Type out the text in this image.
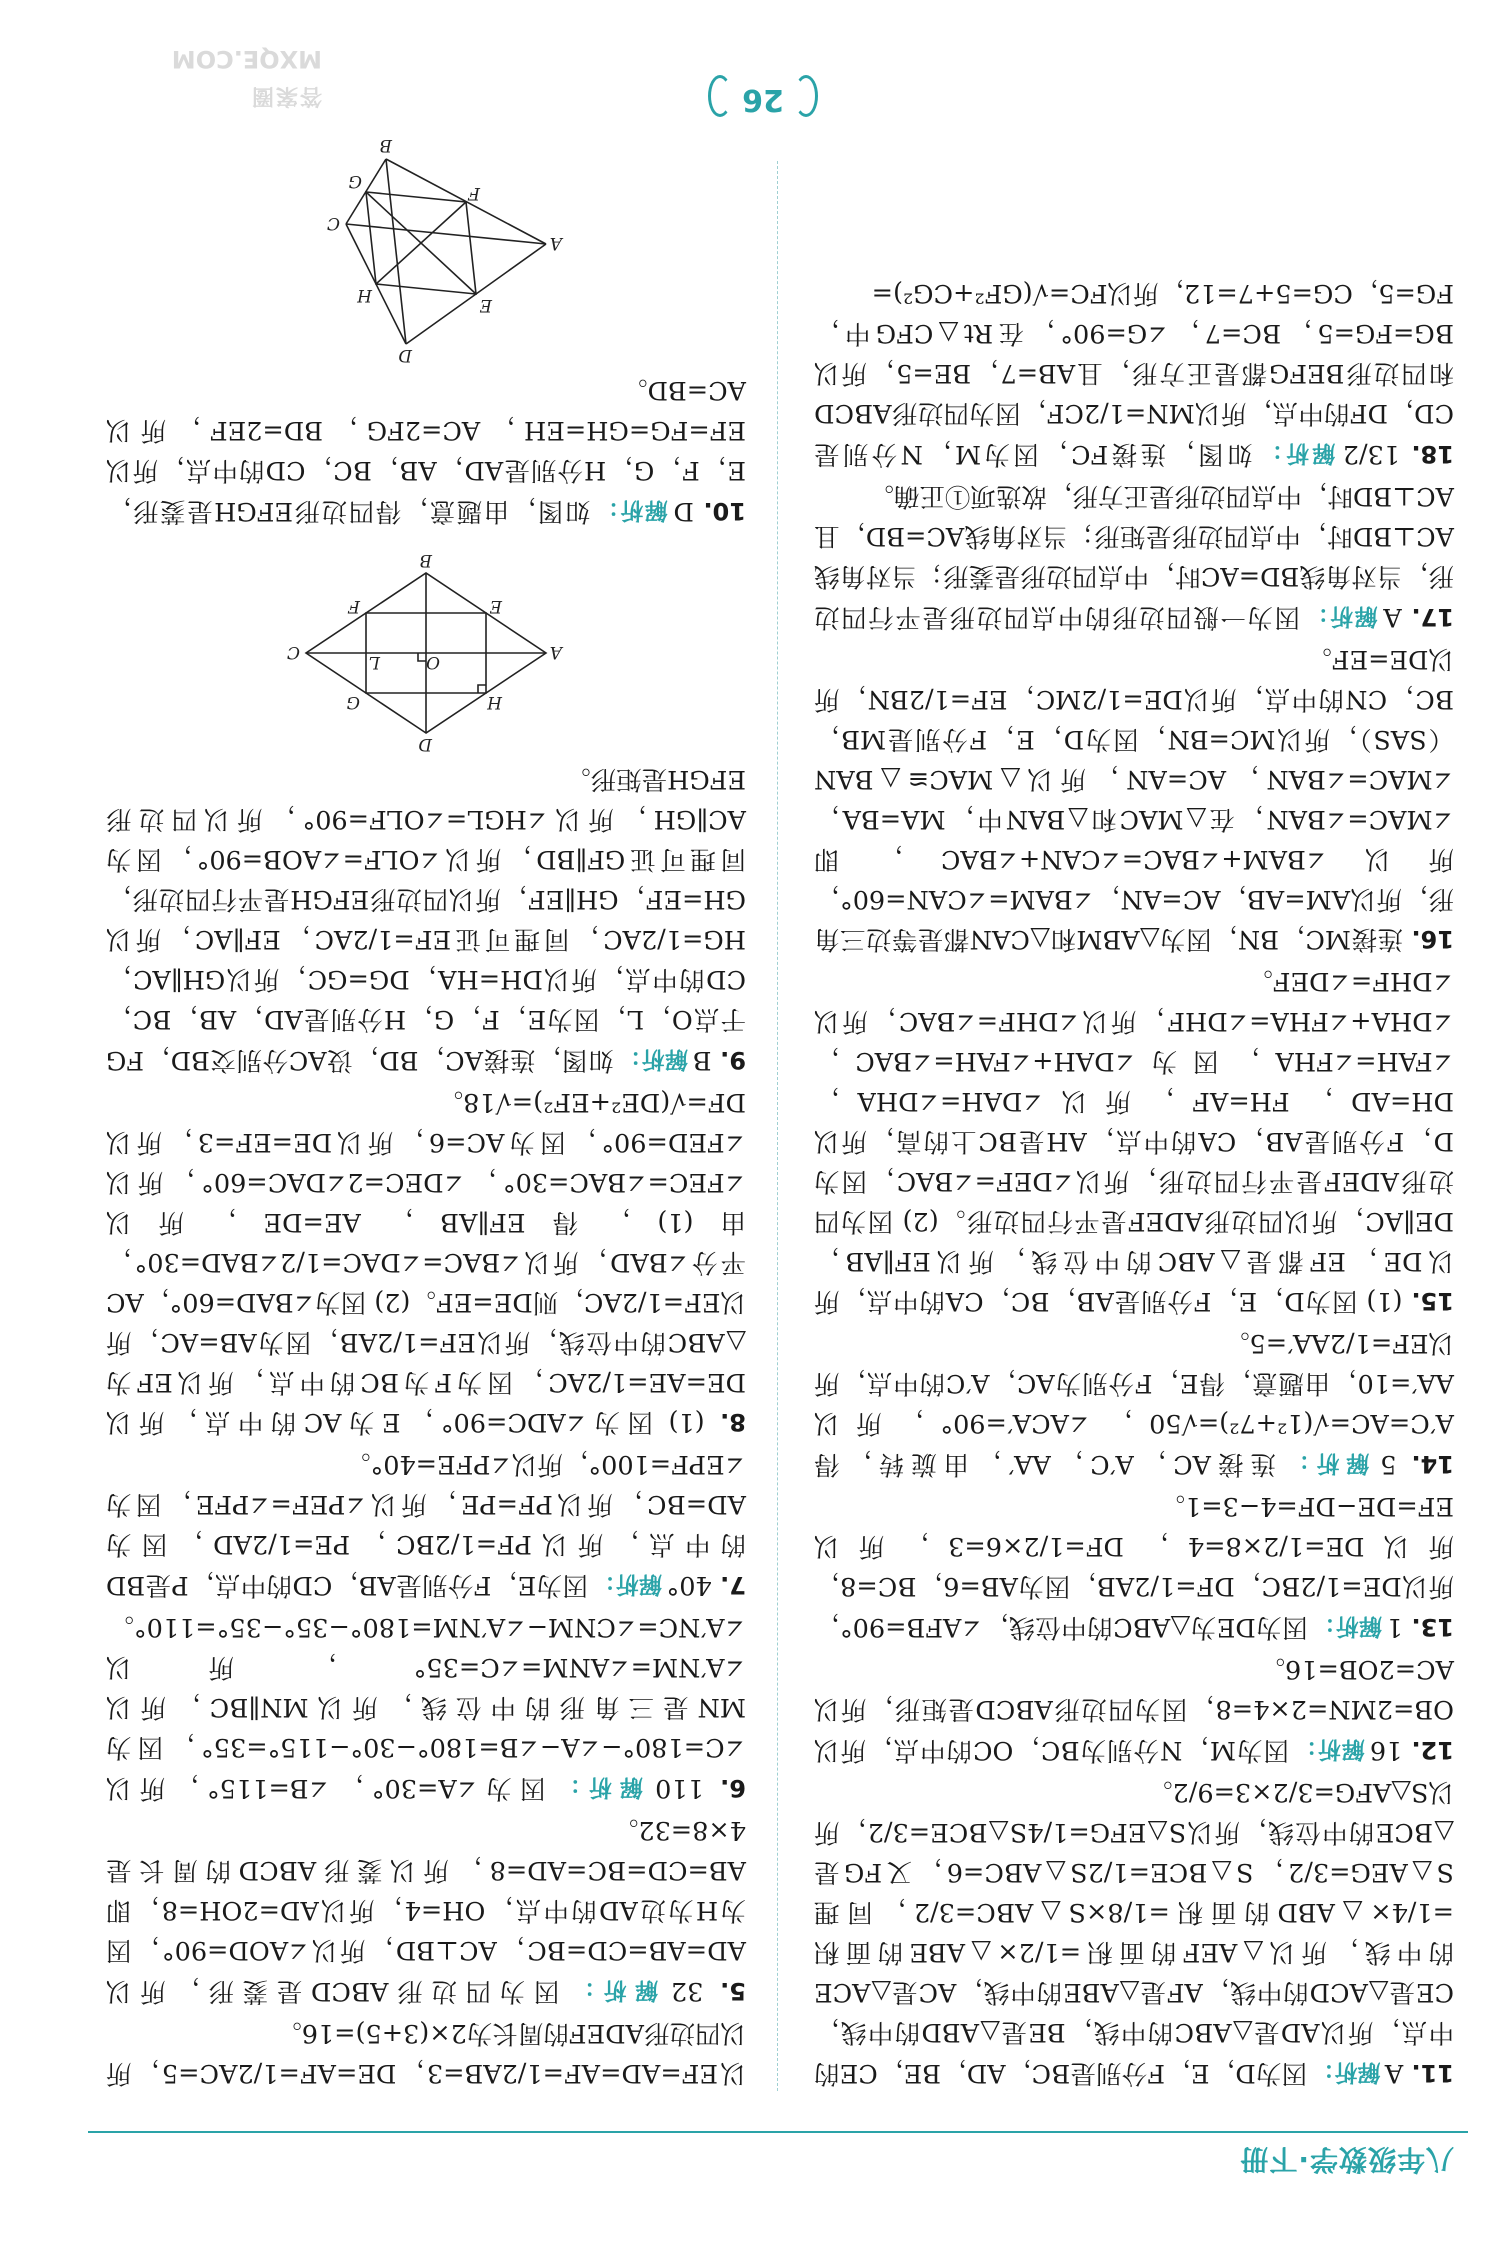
八年级数学·下册

11. A解析：因为D，E，F分别是BC，AD，BE，CE的中点，所以AD是△ABC的中线，BE是△ABD的中线，CE是△ACD的中线，AF是△ABE的中线，AC是△ACE的中线，所以△AEF的面积=1/2×△ABE的面积=1/4×△ABD的面积=1/8×S△ABC=3/2，同理S△AEG=3/2，S△BCE=1/2S△ABC=6，又FG是△BCE的中位线，所以S△EFG=1/4S△BCE=3/2，所以S△AFG=3/2×3=9/2。

12. 16解析：因为M，N分别为BC，OC的中点，所以OB=2MN=2×4=8，因为四边形ABCD是矩形，所以AC=2OB=16。

13. 1解析：因为DE为△ABC的中位线，∠AFB=90°，所以DE=1/2BC，DF=1/2AB，因为AB=6，BC=8，所以DE=1/2×8=4，DF=1/2×6=3，所以EF=DE−DF=4−3=1。

14. 5解析：连接AC，A′C，AA′，由旋转，得A′C=AC=√(1²+7²)=√50，∠ACA′=90°，所以AA′=10，由题意，得E，F分别为AC，A′C的中点，所以EF=1/2AA′=5。

15. (1) 因为D，E，F分别是AB，BC，CA的中点，所以DE，EF都是△ABC的中位线，所以EF∥AB，DE∥AC，所以四边形ADEF是平行四边形。(2) 因为四边形ADEF是平行四边形，所以∠DEF=∠BAC，因为D，F分别是AB，CA的中点，AH是BC上的高，所以DH=AD，FH=AF，所以∠DAH=∠DHA，∠FAH=∠FHA，因为∠DAH+∠FAH=∠BAC，∠DHA+∠FHA=∠DHF，所以∠DHF=∠BAC，所以∠DHF=∠DEF。

16. 连接MC，BN，因为△ABM和△CAN都是等边三角形，所以AM=AB，AC=AN，∠BAM=∠CAN=60°，所以∠BAM+∠BAC=∠CAN+∠BAC，即∠MAC=∠BAN，在△MAC和△BAN中，MA=BA，∠MAC=∠BAN，AC=AN，所以△MAC≌△BAN（SAS），所以MC=BN，因为D，E，F分别是MB，BC，CN的中点，所以DE=1/2MC，EF=1/2BN，所以DE=EF。

17. A解析：因为一般四边形的中点四边形是平行四边形，当对角线BD=AC时，中点四边形是菱形；当对角线AC⊥BD时，中点四边形是矩形；当对角线AC=BD，且AC⊥BD时，中点四边形是正方形，故选项①正确。

18. 13/2解析：如图，连接FC，因为M，N分别是CD，DF的中点，所以MN=1/2CF，因为四边形ABCD和四边形BEFG都是正方形，且AB=7，BE=5，所以BG=FG=5，BC=7，∠G=90°，在Rt△CFG中，FG=5，CG=5+7=12，所以FC=√(GF²+CG²)=

以EF=AD=AF=1/2AB=3，DE=AF=1/2AC=5，所以四边形ADEF的周长为2×(3+5)=16。

5. 32解析：因为四边形ABCD是菱形，所以AD=AB=CD=BC，AC⊥BD，所以∠AOD=90°，因为H为边AD的中点，OH=4，所以AD=2OH=8，即AB=CD=BC=AD=8，所以菱形ABCD的周长是4×8=32。

6. 110解析：因为∠A=30°，∠B=115°，所以∠C=180°−∠A−∠B=180°−30°−115°=35°，因为MN是三角形的中位线，所以MN∥BC，所以∠A′NM=∠ANM=∠C=35°，所以∠A′NC=∠CNM−∠A′NM=180°−35°−35°=110°。

7. 40°解析：因为E，F分别是AB，CD的中点，P是BD的中点，所以PF=1/2BC，PE=1/2AD，因为AD=BC，所以PF=PE，所以∠PEF=∠PFE，因为∠EPF=100°，所以∠PFE=40°。

8. (1) 因为∠ADC=90°，E为AC的中点，所以DE=AE=1/2AC，因为F为BC的中点，所以EF为△ABC的中位线，所以EF=1/2AB，因为AB=AC，所以EF=1/2AC，则DE=EF。(2) 因为∠BAD=60°，AC平分∠BAD，所以∠BAC=∠DAC=1/2∠BAD=30°，由(1)，得EF∥AB，AE=DE，所以∠FEC=∠BAC=30°，∠DEC=2∠DAC=60°，所以∠FED=90°，因为AC=6，所以DE=EF=3，所以DF=√(DE²+EF²)=√18。

9. B解析：如图，连接AC，BD，设AC分别交BD，FG于点O，L，因为E，F，G，H分别是AD，AB，BC，CD的中点，所以DH=HA，DG=GC，所以GH∥AC，HG=1/2AC，同理可证EF=1/2AC，EF∥AC，所以GH=EF，GH∥EF，所以四边形EFGH是平行四边形，同理可证GF∥BD，所以∠OLF=∠AOB=90°，因为AC∥GH，所以∠HGL=∠OLF=90°，所以四边形EFGH是矩形。

D
C
B
A
H
G
F	E
O
L

10. D解析：如图，由题意，得四边形EFGH是菱形，E，F，G，H分别是AD，AB，BC，CD的中点，所以EF=FG=GH=EH，AC=2FG，BD=2EF，所以AC=BD。

D
A
C
B
E
H
G
F
26
答案圈
MXQE.COM
